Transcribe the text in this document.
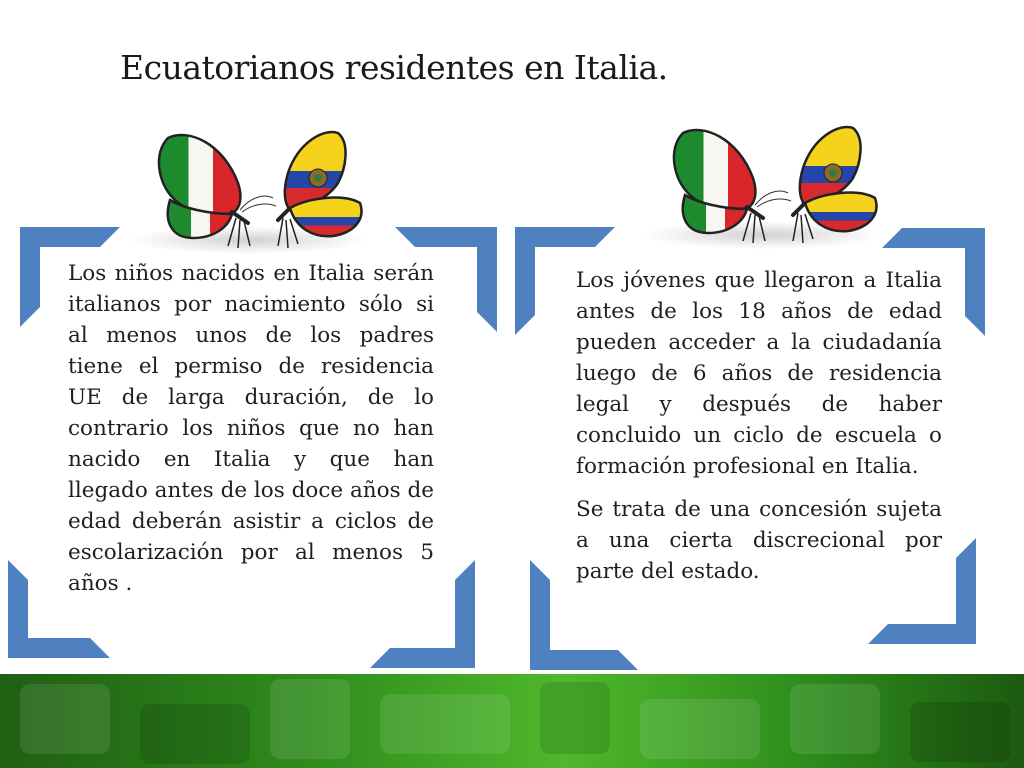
Ecuatorianos residentes en Italia.

Los niños nacidos en Italia serán italianos por nacimiento sólo si al menos unos de los padres tiene el permiso de residencia UE de larga duración, de lo contrario los niños que no han nacido en Italia y que han llegado antes de los doce años de edad deberán asistir a ciclos de escolarización por al menos 5 años .

Los jóvenes que llegaron a Italia antes de los 18 años de edad pueden acceder a la ciudadanía luego de 6 años de residencia legal y después de haber concluido un ciclo de escuela o formación profesional en Italia.

Se trata de una concesión sujeta a una cierta discrecional por parte del estado.
